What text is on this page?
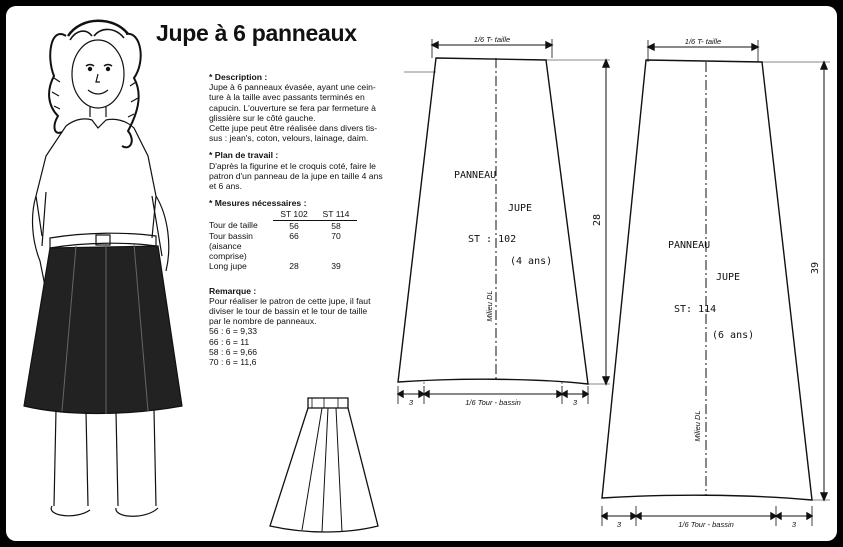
1/6 T- taille
1/6 Tour - bassin
3	3
28
PANNEAU
JUPE
ST : 102
(4 ans)
Milieu DL
1/6 T- taille
1/6 Tour - bassin
3	3
39
PANNEAU
JUPE
ST: 114
(6 ans)
Milieu DL
Jupe à 6 panneaux
* Description :
Jupe à 6 panneaux évasée, ayant une cein-
ture à la taille avec passants terminés en
capucin. L'ouverture se fera par fermeture à
glissière sur le côté gauche.
Cette jupe peut être réalisée dans divers tis-
sus : jean's, coton, velours, lainage, daim.
* Plan de travail :
D'après la figurine et le croquis coté, faire le
patron d'un panneau de la jupe en taille 4 ans
et 6 ans.
* Mesures nécessaires :
	ST 102	ST 114
Tour de taille	56	58
Tour bassin	66	70
(aisance comprise)		
Long jupe	28	39
Remarque :
Pour réaliser le patron de cette jupe, il faut
diviser le tour de bassin et le tour de taille
par le nombre de panneaux.
56 : 6 = 9,33
66 : 6 = 11
58 : 6 = 9,66
70 : 6 = 11,6
